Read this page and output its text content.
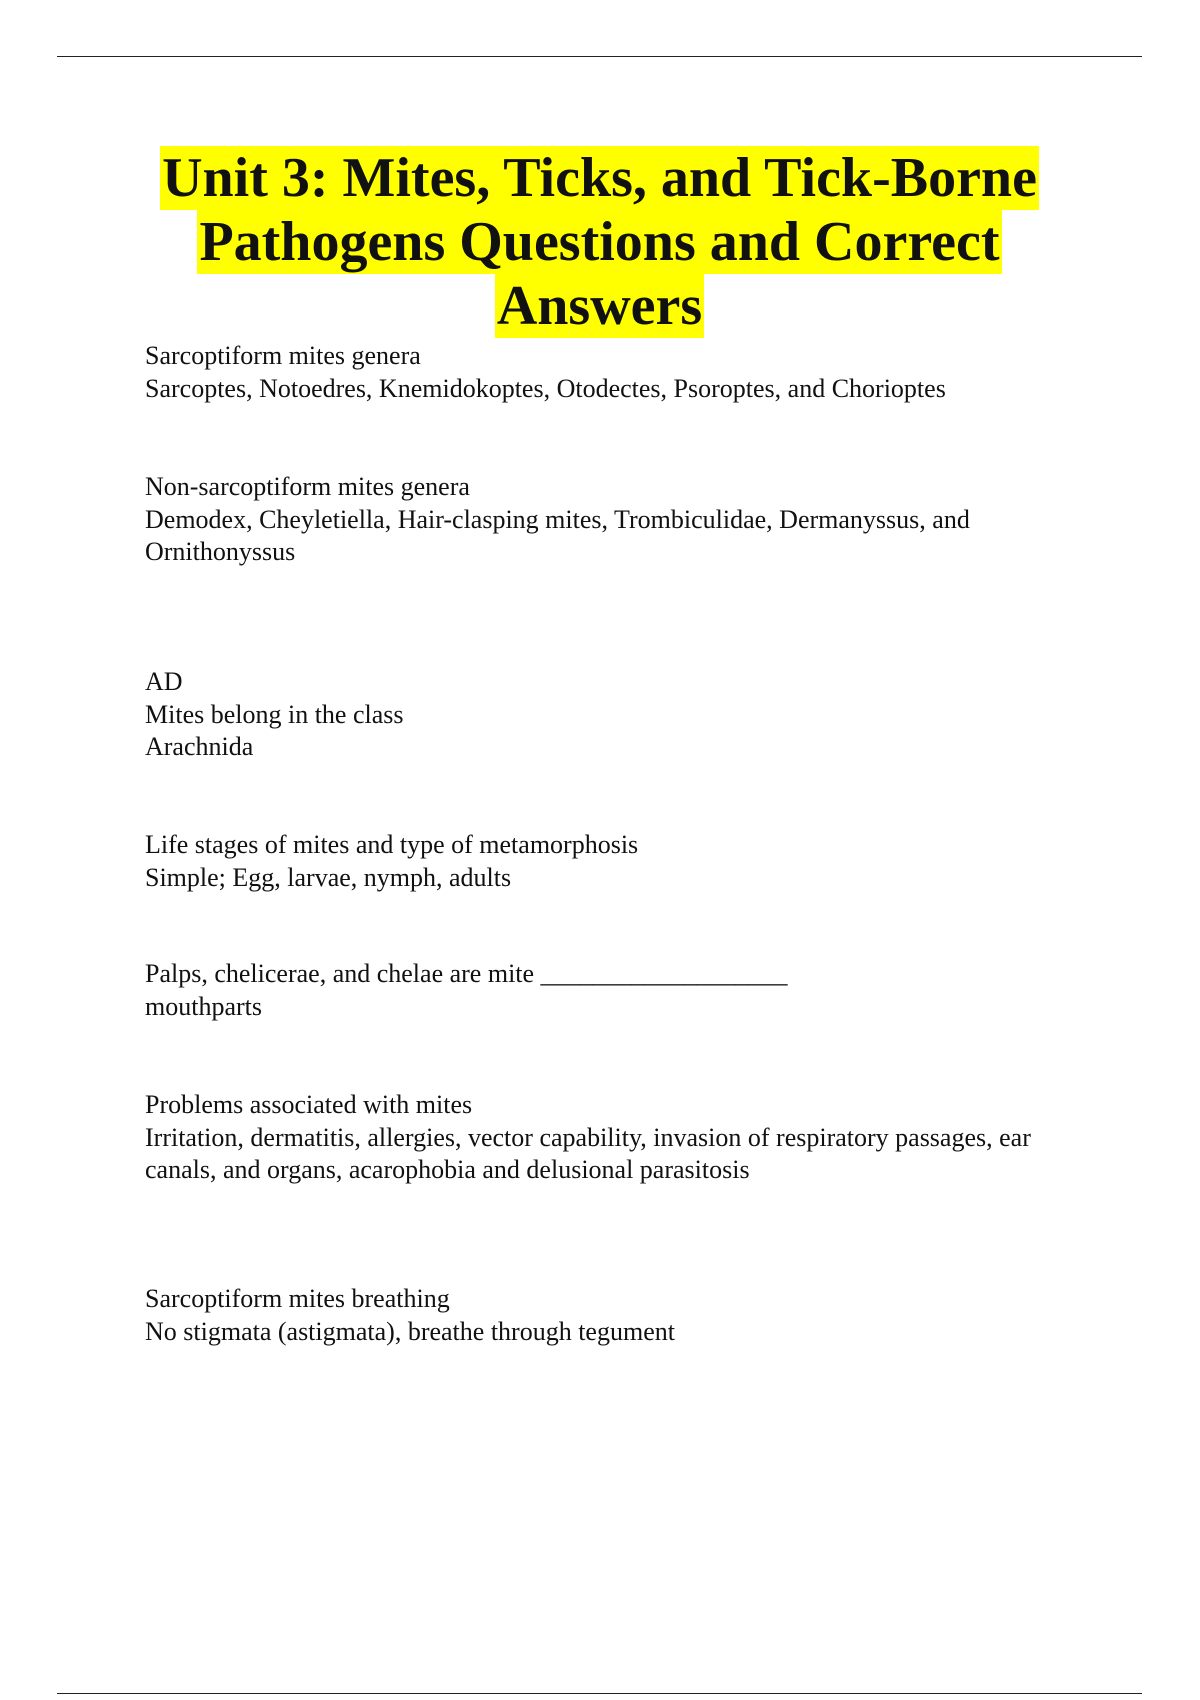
Unit 3: Mites, Ticks, and Tick-Borne
Pathogens Questions and Correct
Answers
Sarcoptiform mites genera
Sarcoptes, Notoedres, Knemidokoptes, Otodectes, Psoroptes, and Chorioptes
Non-sarcoptiform mites genera
Demodex, Cheyletiella, Hair-clasping mites, Trombiculidae, Dermanyssus, and Ornithonyssus
AD
Mites belong in the class
Arachnida
Life stages of mites and type of metamorphosis
Simple; Egg, larvae, nymph, adults
Palps, chelicerae, and chelae are mite ___________________
mouthparts
Problems associated with mites
Irritation, dermatitis, allergies, vector capability, invasion of respiratory passages, ear canals, and organs, acarophobia and delusional parasitosis
Sarcoptiform mites breathing
No stigmata (astigmata), breathe through tegument
